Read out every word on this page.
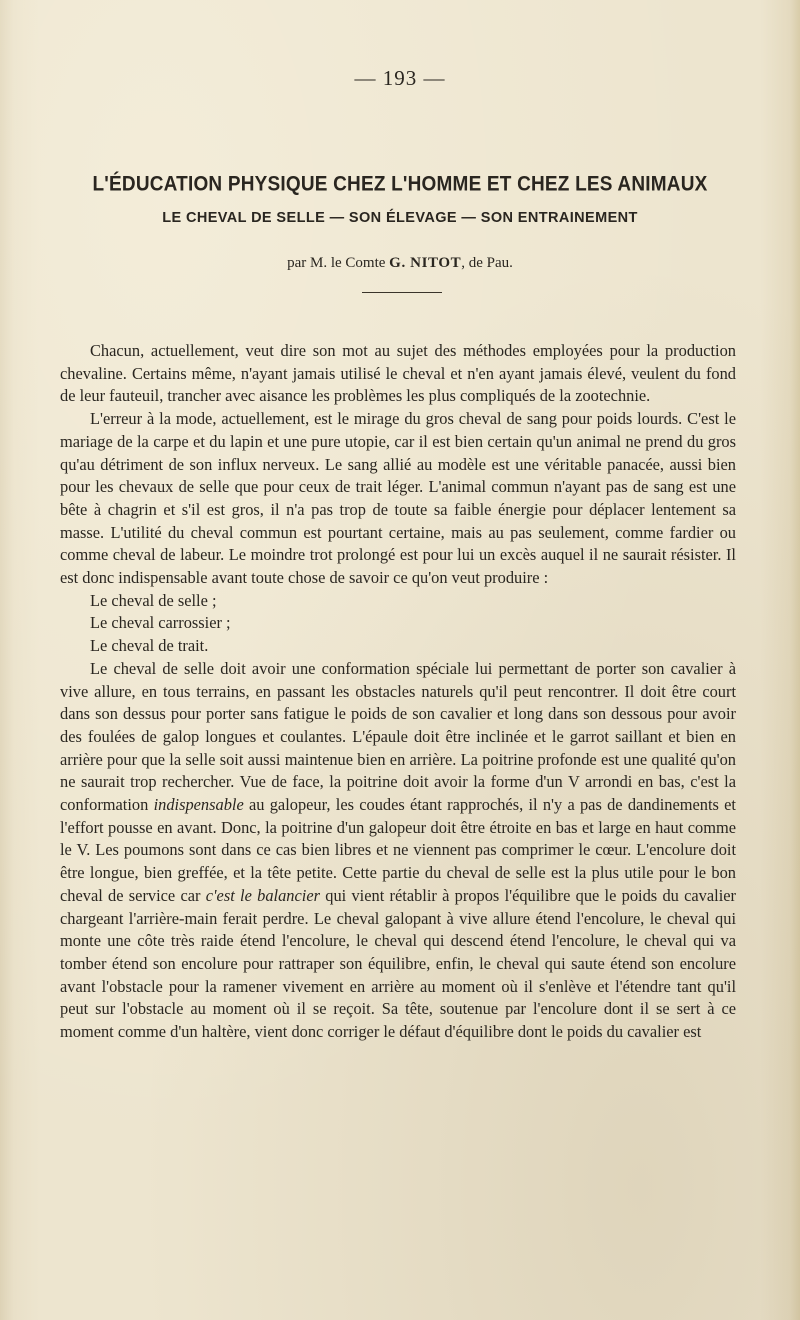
— 193 —
L'ÉDUCATION PHYSIQUE CHEZ L'HOMME ET CHEZ LES ANIMAUX
LE CHEVAL DE SELLE — SON ÉLEVAGE — SON ENTRAINEMENT
par M. le Comte G. NITOT, de Pau.

Chacun, actuellement, veut dire son mot au sujet des méthodes employées pour la production chevaline. Certains même, n'ayant jamais utilisé le cheval et n'en ayant jamais élevé, veulent du fond de leur fauteuil, trancher avec aisance les problèmes les plus compliqués de la zootechnie.

L'erreur à la mode, actuellement, est le mirage du gros cheval de sang pour poids lourds. C'est le mariage de la carpe et du lapin et une pure utopie, car il est bien certain qu'un animal ne prend du gros qu'au détriment de son influx nerveux. Le sang allié au modèle est une véritable panacée, aussi bien pour les chevaux de selle que pour ceux de trait léger. L'animal commun n'ayant pas de sang est une bête à chagrin et s'il est gros, il n'a pas trop de toute sa faible énergie pour déplacer lentement sa masse. L'utilité du cheval commun est pourtant certaine, mais au pas seulement, comme fardier ou comme cheval de labeur. Le moindre trot prolongé est pour lui un excès auquel il ne saurait résister. Il est donc indispensable avant toute chose de savoir ce qu'on veut produire :

Le cheval de selle ;

Le cheval carrossier ;

Le cheval de trait.

Le cheval de selle doit avoir une conformation spéciale lui permettant de porter son cavalier à vive allure, en tous terrains, en passant les obstacles naturels qu'il peut rencontrer. Il doit être court dans son dessus pour porter sans fatigue le poids de son cavalier et long dans son dessous pour avoir des foulées de galop longues et coulantes. L'épaule doit être inclinée et le garrot saillant et bien en arrière pour que la selle soit aussi maintenue bien en arrière. La poitrine profonde est une qualité qu'on ne saurait trop rechercher. Vue de face, la poitrine doit avoir la forme d'un V arrondi en bas, c'est la conformation indispensable au galopeur, les coudes étant rapprochés, il n'y a pas de dandinements et l'effort pousse en avant. Donc, la poitrine d'un galopeur doit être étroite en bas et large en haut comme le V. Les poumons sont dans ce cas bien libres et ne viennent pas comprimer le cœur. L'encolure doit être longue, bien greffée, et la tête petite. Cette partie du cheval de selle est la plus utile pour le bon cheval de service car c'est le balancier qui vient rétablir à propos l'équilibre que le poids du cavalier chargeant l'arrière-main ferait perdre. Le cheval galopant à vive allure étend l'encolure, le cheval qui monte une côte très raide étend l'encolure, le cheval qui descend étend l'encolure, le cheval qui va tomber étend son encolure pour rattraper son équilibre, enfin, le cheval qui saute étend son encolure avant l'obstacle pour la ramener vivement en arrière au moment où il s'enlève et l'étendre tant qu'il peut sur l'obstacle au moment où il se reçoit. Sa tête, soutenue par l'encolure dont il se sert à ce moment comme d'un haltère, vient donc corriger le défaut d'équilibre dont le poids du cavalier est
